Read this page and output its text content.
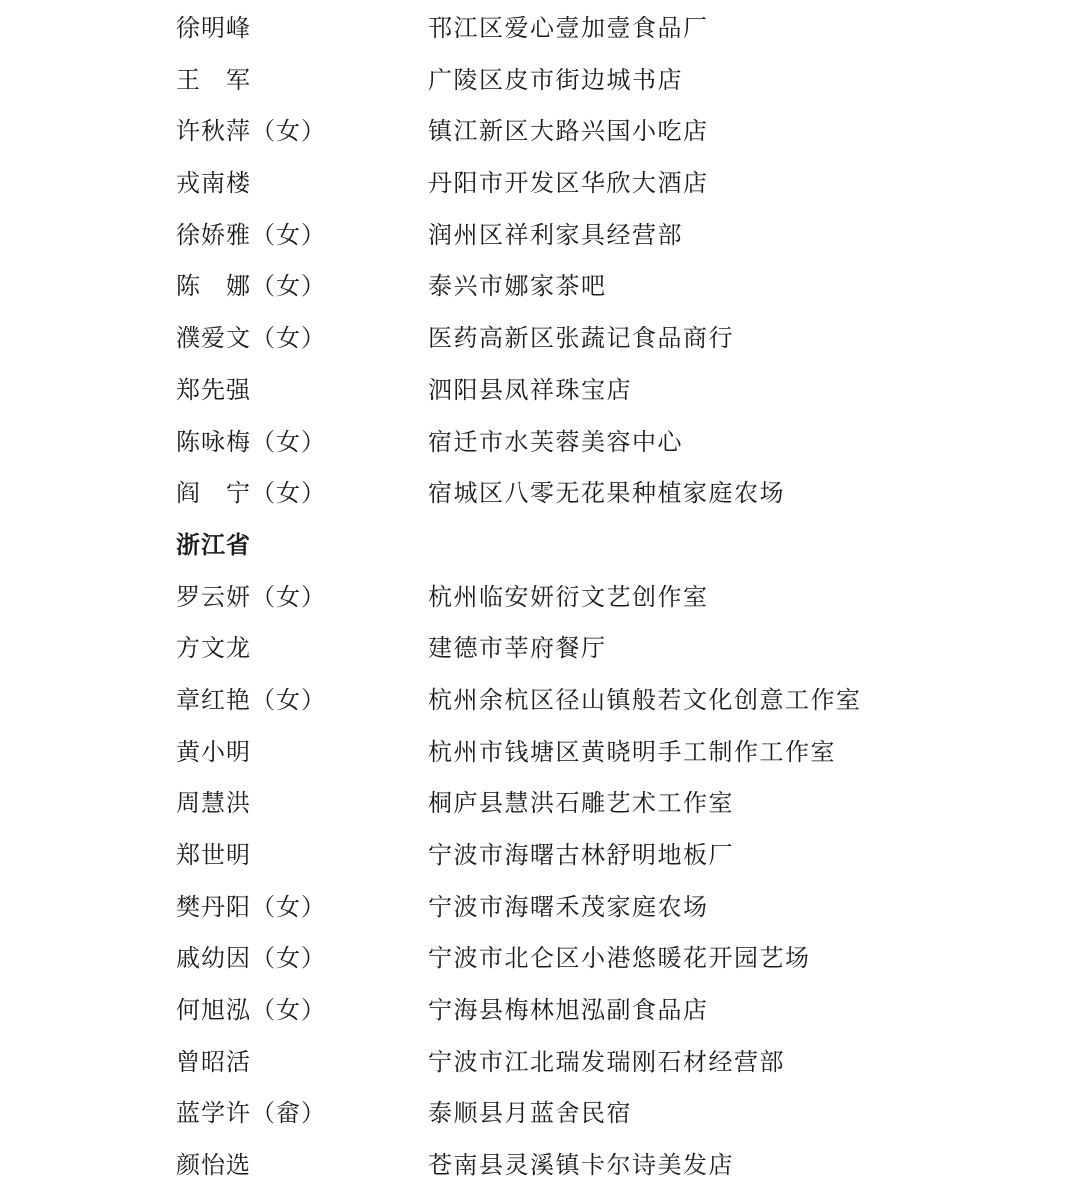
徐明峰	邗江区爱心壹加壹食品厂
王　军	广陵区皮市街边城书店
许秋萍（女）	镇江新区大路兴国小吃店
戎南楼	丹阳市开发区华欣大酒店
徐娇雅（女）	润州区祥利家具经营部
陈　娜（女）	泰兴市娜家茶吧
濮爱文（女）	医药高新区张蔬记食品商行
郑先强	泗阳县凤祥珠宝店
陈咏梅（女）	宿迁市水芙蓉美容中心
阎　宁（女）	宿城区八零无花果种植家庭农场
浙江省
罗云妍（女）	杭州临安妍衍文艺创作室
方文龙	建德市莘府餐厅
章红艳（女）	杭州余杭区径山镇般若文化创意工作室
黄小明	杭州市钱塘区黄晓明手工制作工作室
周慧洪	桐庐县慧洪石雕艺术工作室
郑世明	宁波市海曙古林舒明地板厂
樊丹阳（女）	宁波市海曙禾茂家庭农场
戚幼因（女）	宁波市北仑区小港悠暖花开园艺场
何旭泓（女）	宁海县梅林旭泓副食品店
曾昭活	宁波市江北瑞发瑞刚石材经营部
蓝学许（畲）	泰顺县月蓝舍民宿
颜怡选	苍南县灵溪镇卡尔诗美发店
